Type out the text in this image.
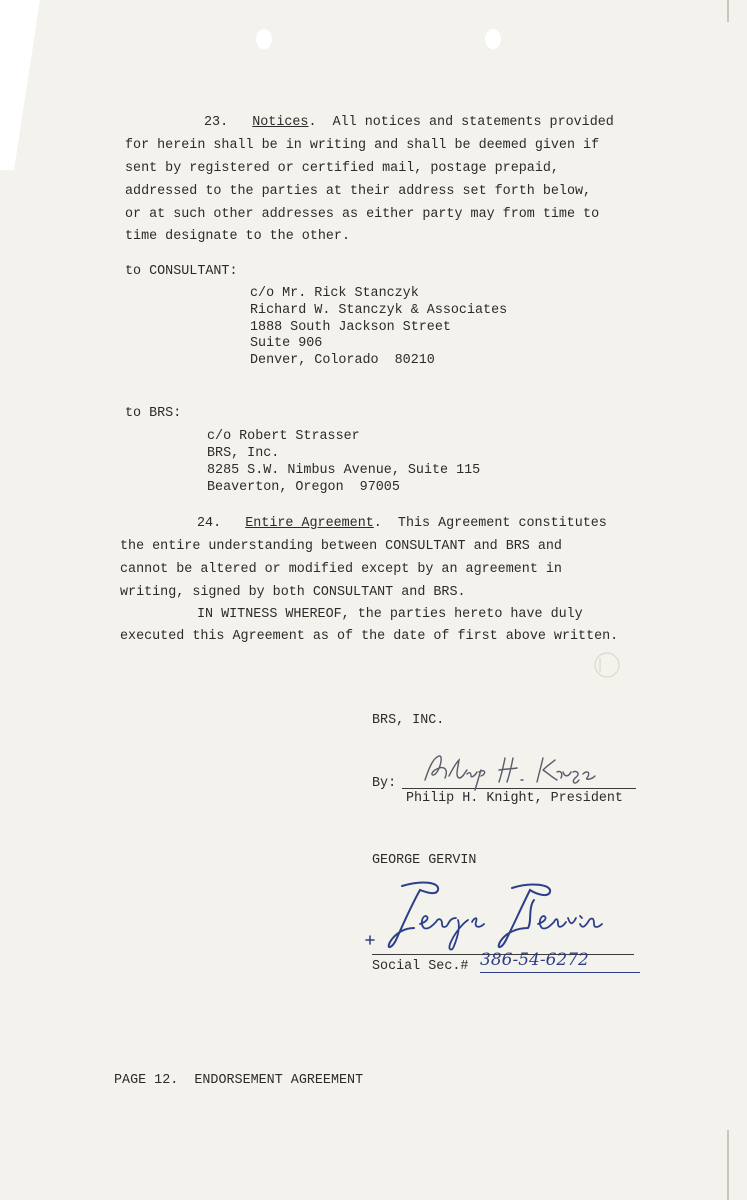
23. Notices.  All notices and statements provided
for herein shall be in writing and shall be deemed given if
sent by registered or certified mail, postage prepaid,
addressed to the parties at their address set forth below,
or at such other addresses as either party may from time to
time designate to the other.
to CONSULTANT:
c/o Mr. Rick Stanczyk
Richard W. Stanczyk & Associates
1888 South Jackson Street
Suite 906
Denver, Colorado  80210
to BRS:
c/o Robert Strasser
BRS, Inc.
8285 S.W. Nimbus Avenue, Suite 115
Beaverton, Oregon  97005
24. Entire Agreement.  This Agreement constitutes
the entire understanding between CONSULTANT and BRS and
cannot be altered or modified except by an agreement in
writing, signed by both CONSULTANT and BRS.
IN WITNESS WHEREOF, the parties hereto have duly
executed this Agreement as of the date of first above written.
BRS, INC.
By:
Philip H. Knight, President
GEORGE GERVIN
Social Sec.# 386-54-6272
PAGE 12.  ENDORSEMENT AGREEMENT
